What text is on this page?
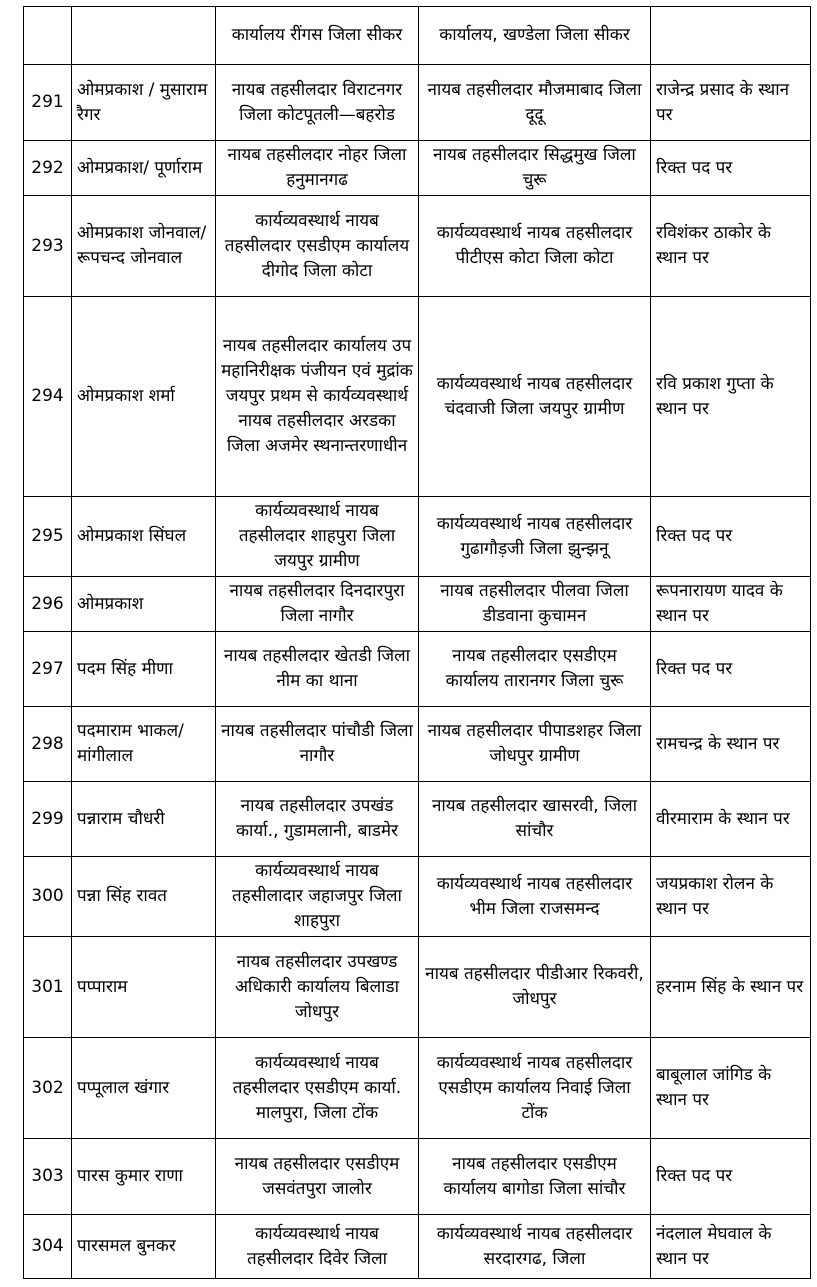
		कार्यालय रींगस जिला सीकर	कार्यालय, खण्डेला जिला सीकर	
291	ओमप्रकाश / मुसाराम रैगर	नायब तहसीलदार विराटनगर जिला कोटपूतली—बहरोड	नायब तहसीलदार मौजमाबाद जिला दूदू	राजेन्द्र प्रसाद के स्थान पर
292	ओमप्रकाश/ पूर्णाराम	नायब तहसीलदार नोहर जिला हनुमानगढ	नायब तहसीलदार सिद्धमुख जिला चुरू	रिक्त पद पर
293	ओमप्रकाश जोनवाल/ रूपचन्द जोनवाल	कार्यव्यवस्थार्थ नायब तहसीलदार एसडीएम कार्यालय दीगोद जिला कोटा	कार्यव्यवस्थार्थ नायब तहसीलदार पीटीएस कोटा जिला कोटा	रविशंकर ठाकोर के स्थान पर
294	ओमप्रकाश शर्मा	नायब तहसीलदार कार्यालय उप महानिरीक्षक पंजीयन एवं मुद्रांक जयपुर प्रथम से कार्यव्यवस्थार्थ नायब तहसीलदार अरडका जिला अजमेर स्थनान्तरणाधीन	कार्यव्यवस्थार्थ नायब तहसीलदार चंदवाजी जिला जयपुर ग्रामीण	रवि प्रकाश गुप्ता के स्थान पर
295	ओमप्रकाश सिंघल	कार्यव्यवस्थार्थ नायब तहसीलदार शाहपुरा जिला जयपुर ग्रामीण	कार्यव्यवस्थार्थ नायब तहसीलदार गुढागौड़जी जिला झुन्झनू	रिक्त पद पर
296	ओमप्रकाश	नायब तहसीलदार दिनदारपुरा जिला नागौर	नायब तहसीलदार पीलवा जिला डीडवाना कुचामन	रूपनारायण यादव के स्थान पर
297	पदम सिंह मीणा	नायब तहसीलदार खेतडी जिला नीम का थाना	नायब तहसीलदार एसडीएम कार्यालय तारानगर जिला चुरू	रिक्त पद पर
298	पदमाराम भाकल/मांगीलाल	नायब तहसीलदार पांचौडी जिला नागौर	नायब तहसीलदार पीपाडशहर जिला जोधपुर ग्रामीण	रामचन्द्र के स्थान पर
299	पन्नाराम चौधरी	नायब तहसीलदार उपखंड कार्या., गुडामलानी, बाडमेर	नायब तहसीलदार खासरवी, जिला सांचौर	वीरमाराम के स्थान पर
300	पन्ना सिंह रावत	कार्यव्यवस्थार्थ नायब तहसीलादार जहाजपुर जिला शाहपुरा	कार्यव्यवस्थार्थ नायब तहसीलदार भीम जिला राजसमन्द	जयप्रकाश रोलन के स्थान पर
301	पप्पाराम	नायब तहसीलदार उपखण्ड अधिकारी कार्यालय बिलाडा जोधपुर	नायब तहसीलदार पीडीआर रिकवरी, जोधपुर	हरनाम सिंह के स्थान पर
302	पप्पूलाल खंगार	कार्यव्यवस्थार्थ नायब तहसीलदार एसडीएम कार्या. मालपुरा, जिला टोंक	कार्यव्यवस्थार्थ नायब तहसीलदार एसडीएम कार्यालय निवाई जिला टोंक	बाबूलाल जांगिड के स्थान पर
303	पारस कुमार राणा	नायब तहसीलदार एसडीएम जसवंतपुरा जालोर	नायब तहसीलदार एसडीएम कार्यालय बागोडा जिला सांचौर	रिक्त पद पर
304	पारसमल बुनकर	कार्यव्यवस्थार्थ नायब तहसीलदार दिवेर जिला	कार्यव्यवस्थार्थ नायब तहसीलदार सरदारगढ, जिला	नंदलाल मेघवाल के स्थान पर
